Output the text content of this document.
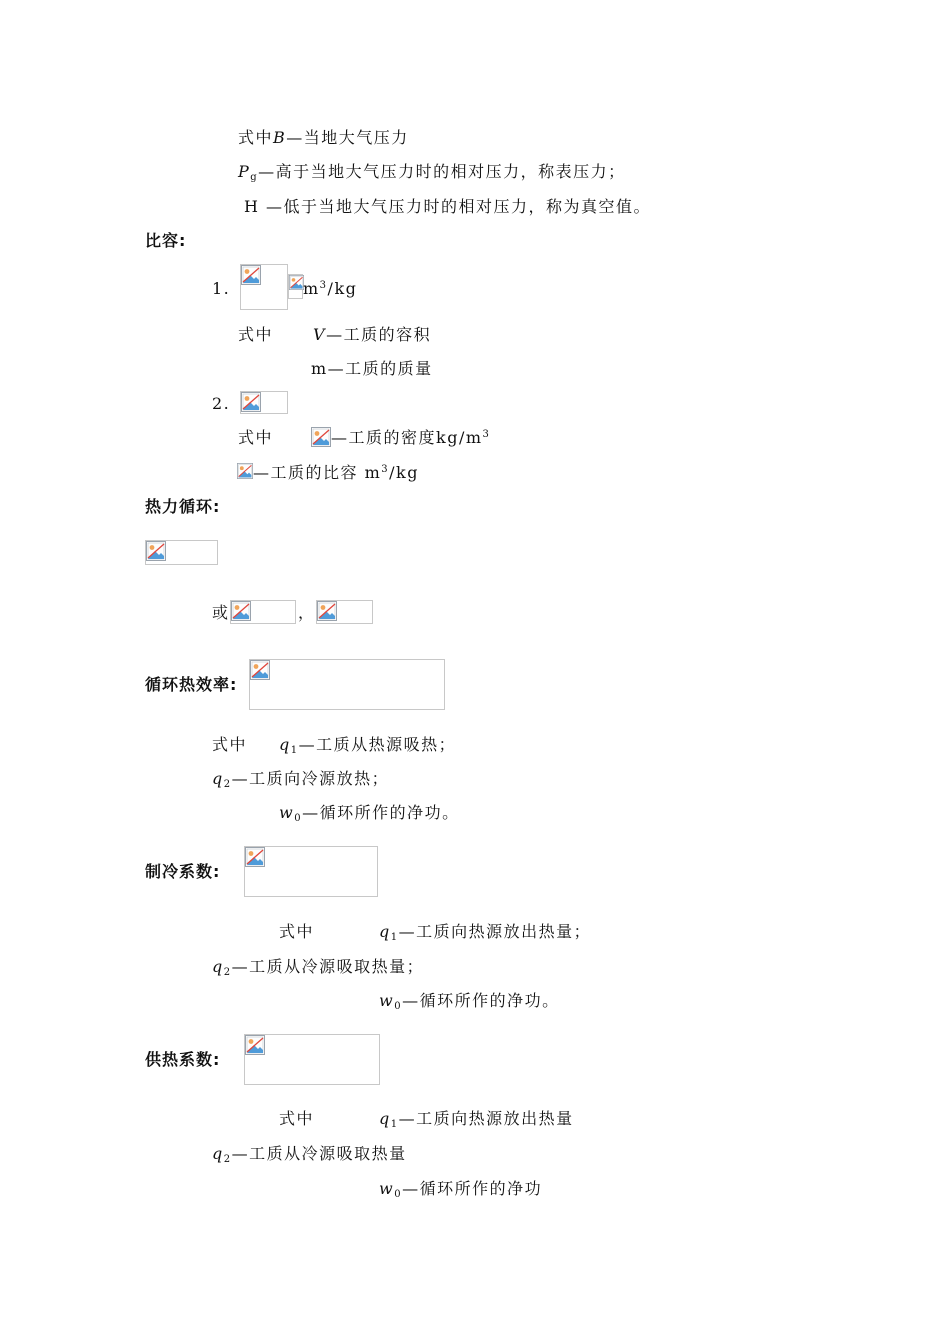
式中B—当地大气压力
$P_g—$高于当地大气压力时的相对压力，称表压力；
H —低于当地大气压力时的相对压力，称为真空值。
比容:
1.	$m^3/kg$
式中 V—工质的容积
m—工质的质量
2.
式中	—工质的密度$kg/m^3$
—工质的比容 $m^3/kg$
热力循环:
或	，
循环热效率:
式中 $q_1—$工质从热源吸热；
$q_2—$工质向冷源放热；
$w_0—$循环所作的净功。
制冷系数:
式中	$q_1—$工质向热源放出热量；
$q_2—$工质从冷源吸取热量；
$w_0—$循环所作的净功。
供热系数:
式中	$q_1—$工质向热源放出热量
$q_2—$工质从冷源吸取热量
$w_0—$循环所作的净功
